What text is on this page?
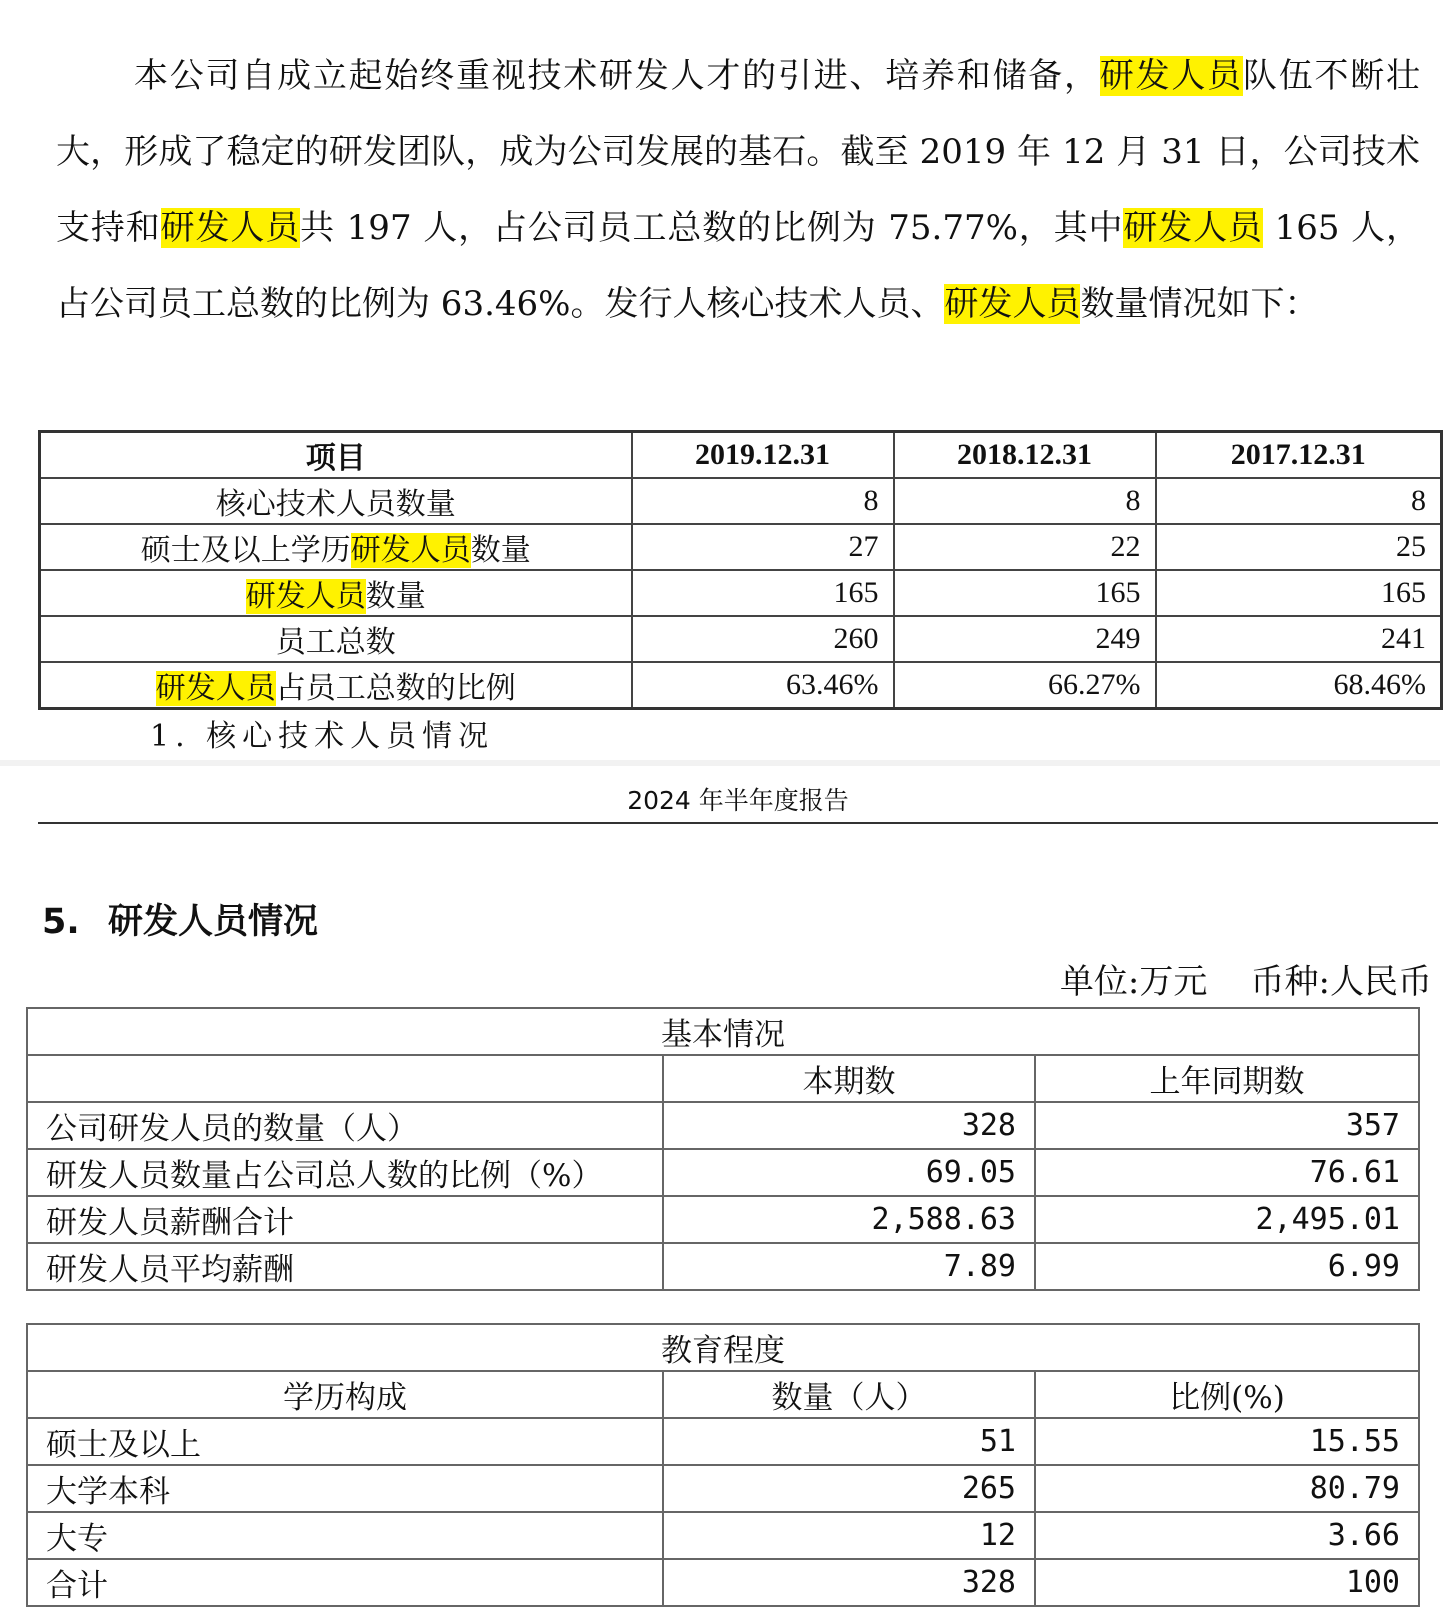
本公司自成立起始终重视技术研发人才的引进、培养和储备，研发人员队伍不断壮大，形成了稳定的研发团队，成为公司发展的基石。截至 2019 年 12 月 31 日，公司技术支持和研发人员共 197 人，占公司员工总数的比例为 75.77%，其中研发人员 165 人，占公司员工总数的比例为 63.46%。发行人核心技术人员、研发人员数量情况如下：

项目	2019.12.31	2018.12.31	2017.12.31
核心技术人员数量	8	8	8
硕士及以上学历研发人员数量	27	22	25
研发人员数量	165	165	165
员工总数	260	249	241
研发人员占员工总数的比例	63.46%	66.27%	68.46%
1. 核心技术人员情况
2024 年半年度报告
5. 研发人员情况
单位:万元    币种:人民币
基本情况		
	本期数	上年同期数
公司研发人员的数量（人）	328	357
研发人员数量占公司总人数的比例（%）	69.05	76.61
研发人员薪酬合计	2,588.63	2,495.01
研发人员平均薪酬	7.89	6.99
教育程度		
学历构成	数量（人）	比例(%)
硕士及以上	51	15.55
大学本科	265	80.79
大专	12	3.66
合计	328	100
